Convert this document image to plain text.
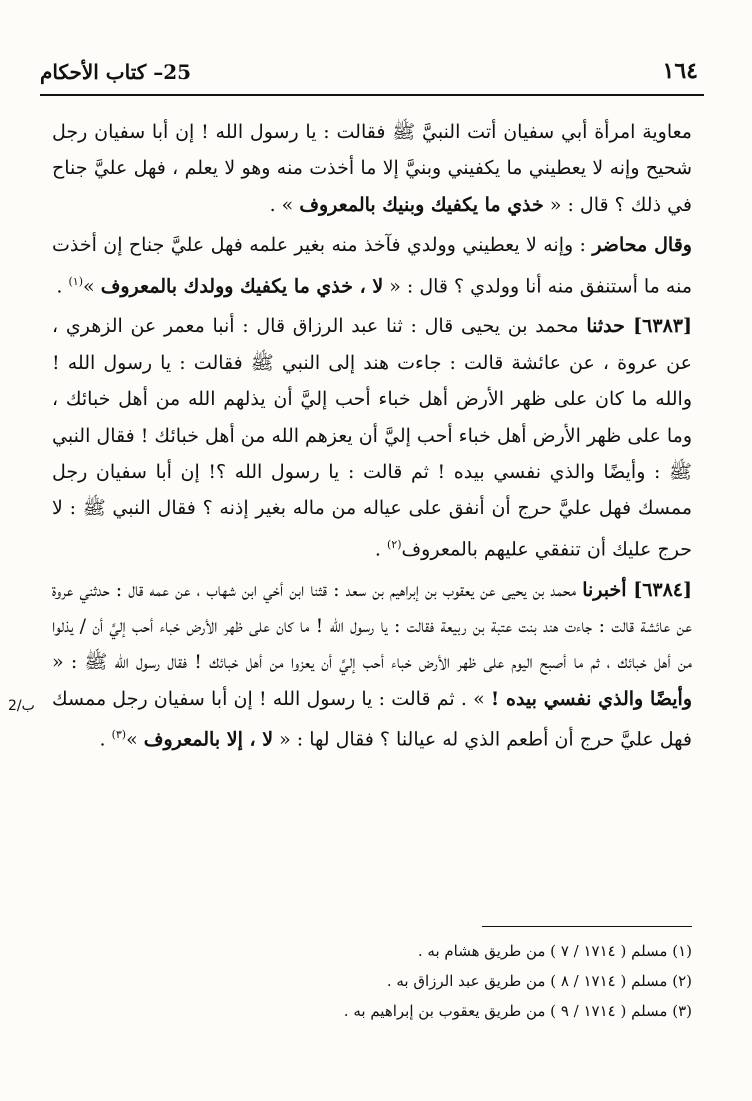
١٦٤
25– كتاب الأحكام
2/ب

معاوية امرأة أبي سفيان أتت النبيَّ ﷺ فقالت : يا رسول الله ! إن أبا سفيان رجل شحيح وإنه لا يعطيني ما يكفيني وبنيَّ إلا ما أخذت منه وهو لا يعلم ، فهل عليَّ جناح في ذلك ؟ قال : « خذي ما يكفيك وبنيك بالمعروف » .

وقال محاضر : وإنه لا يعطيني وولدي فآخذ منه بغير علمه فهل عليَّ جناح إن أخذت منه ما أستنفق منه أنا وولدي ؟ قال : « لا ، خذي ما يكفيك وولدك بالمعروف »$^{(١)}$ .

[٦٣٨٣] حدثنا محمد بن يحيى قال : ثنا عبد الرزاق قال : أنبا معمر عن الزهري ، عن عروة ، عن عائشة قالت : جاءت هند إلى النبي ﷺ فقالت : يا رسول الله ! والله ما كان على ظهر الأرض أهل خباء أحب إليَّ أن يذلهم الله من أهل خبائك ، وما على ظهر الأرض أهل خباء أحب إليَّ أن يعزهم الله من أهل خبائك ! فقال النبي ﷺ : وأيضًا والذي نفسي بيده ! ثم قالت : يا رسول الله ؟! إن أبا سفيان رجل ممسك فهل عليَّ حرج أن أنفق على عياله من ماله بغير إذنه ؟ فقال النبي ﷺ : لا حرج عليك أن تنفقي عليهم بالمعروف$^{(٢)}$ .

[٦٣٨٤] أخبرنا محمد بن يحيى عن يعقوب بن إبراهيم بن سعد : قثنا ابن أخي ابن شهاب ، عن عمه قال : حدثني عروة عن عائشة قالت : جاءت هند بنت عتبة بن ربيعة فقالت : يا رسول الله ! ما كان على ظهر الأرض خباء أحب إليَّ أن / يذلوا من أهل خبائك ، ثم ما أصبح اليوم على ظهر الأرض خباء أحب إليَّ أن يعزوا من أهل خبائك ! فقال رسول الله ﷺ : « وأيضًا والذي نفسي بيده ! » . ثم قالت : يا رسول الله ! إن أبا سفيان رجل ممسك فهل عليَّ حرج أن أطعم الذي له عيالنا ؟ فقال لها : « لا ، إلا بالمعروف »$^{(٣)}$ .

(١) مسلم ( ١٧١٤ / ٧ ) من طريق هشام به .

(٢) مسلم ( ١٧١٤ / ٨ ) من طريق عبد الرزاق به .

(٣) مسلم ( ١٧١٤ / ٩ ) من طريق يعقوب بن إبراهيم به .
